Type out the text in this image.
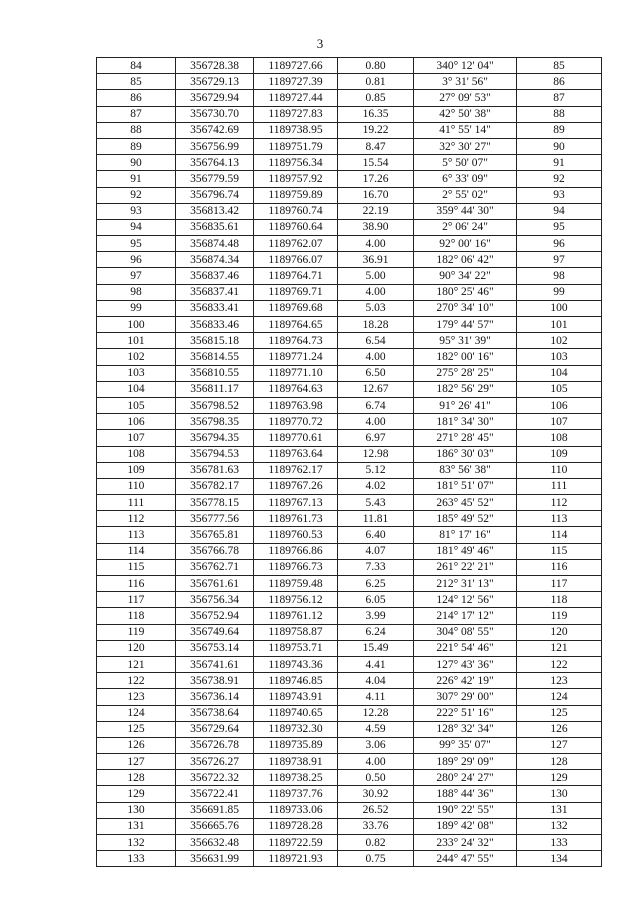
3
84	356728.38	1189727.66	0.80	340° 12' 04"	85
85	356729.13	1189727.39	0.81	3° 31' 56"	86
86	356729.94	1189727.44	0.85	27° 09' 53"	87
87	356730.70	1189727.83	16.35	42° 50' 38"	88
88	356742.69	1189738.95	19.22	41° 55' 14"	89
89	356756.99	1189751.79	8.47	32° 30' 27"	90
90	356764.13	1189756.34	15.54	5° 50' 07"	91
91	356779.59	1189757.92	17.26	6° 33' 09"	92
92	356796.74	1189759.89	16.70	2° 55' 02"	93
93	356813.42	1189760.74	22.19	359° 44' 30"	94
94	356835.61	1189760.64	38.90	2° 06' 24"	95
95	356874.48	1189762.07	4.00	92° 00' 16"	96
96	356874.34	1189766.07	36.91	182° 06' 42"	97
97	356837.46	1189764.71	5.00	90° 34' 22"	98
98	356837.41	1189769.71	4.00	180° 25' 46"	99
99	356833.41	1189769.68	5.03	270° 34' 10"	100
100	356833.46	1189764.65	18.28	179° 44' 57"	101
101	356815.18	1189764.73	6.54	95° 31' 39"	102
102	356814.55	1189771.24	4.00	182° 00' 16"	103
103	356810.55	1189771.10	6.50	275° 28' 25"	104
104	356811.17	1189764.63	12.67	182° 56' 29"	105
105	356798.52	1189763.98	6.74	91° 26' 41"	106
106	356798.35	1189770.72	4.00	181° 34' 30"	107
107	356794.35	1189770.61	6.97	271° 28' 45"	108
108	356794.53	1189763.64	12.98	186° 30' 03"	109
109	356781.63	1189762.17	5.12	83° 56' 38"	110
110	356782.17	1189767.26	4.02	181° 51' 07"	111
111	356778.15	1189767.13	5.43	263° 45' 52"	112
112	356777.56	1189761.73	11.81	185° 49' 52"	113
113	356765.81	1189760.53	6.40	81° 17' 16"	114
114	356766.78	1189766.86	4.07	181° 49' 46"	115
115	356762.71	1189766.73	7.33	261° 22' 21"	116
116	356761.61	1189759.48	6.25	212° 31' 13"	117
117	356756.34	1189756.12	6.05	124° 12' 56"	118
118	356752.94	1189761.12	3.99	214° 17' 12"	119
119	356749.64	1189758.87	6.24	304° 08' 55"	120
120	356753.14	1189753.71	15.49	221° 54' 46"	121
121	356741.61	1189743.36	4.41	127° 43' 36"	122
122	356738.91	1189746.85	4.04	226° 42' 19"	123
123	356736.14	1189743.91	4.11	307° 29' 00"	124
124	356738.64	1189740.65	12.28	222° 51' 16"	125
125	356729.64	1189732.30	4.59	128° 32' 34"	126
126	356726.78	1189735.89	3.06	99° 35' 07"	127
127	356726.27	1189738.91	4.00	189° 29' 09"	128
128	356722.32	1189738.25	0.50	280° 24' 27"	129
129	356722.41	1189737.76	30.92	188° 44' 36"	130
130	356691.85	1189733.06	26.52	190° 22' 55"	131
131	356665.76	1189728.28	33.76	189° 42' 08"	132
132	356632.48	1189722.59	0.82	233° 24' 32"	133
133	356631.99	1189721.93	0.75	244° 47' 55"	134
